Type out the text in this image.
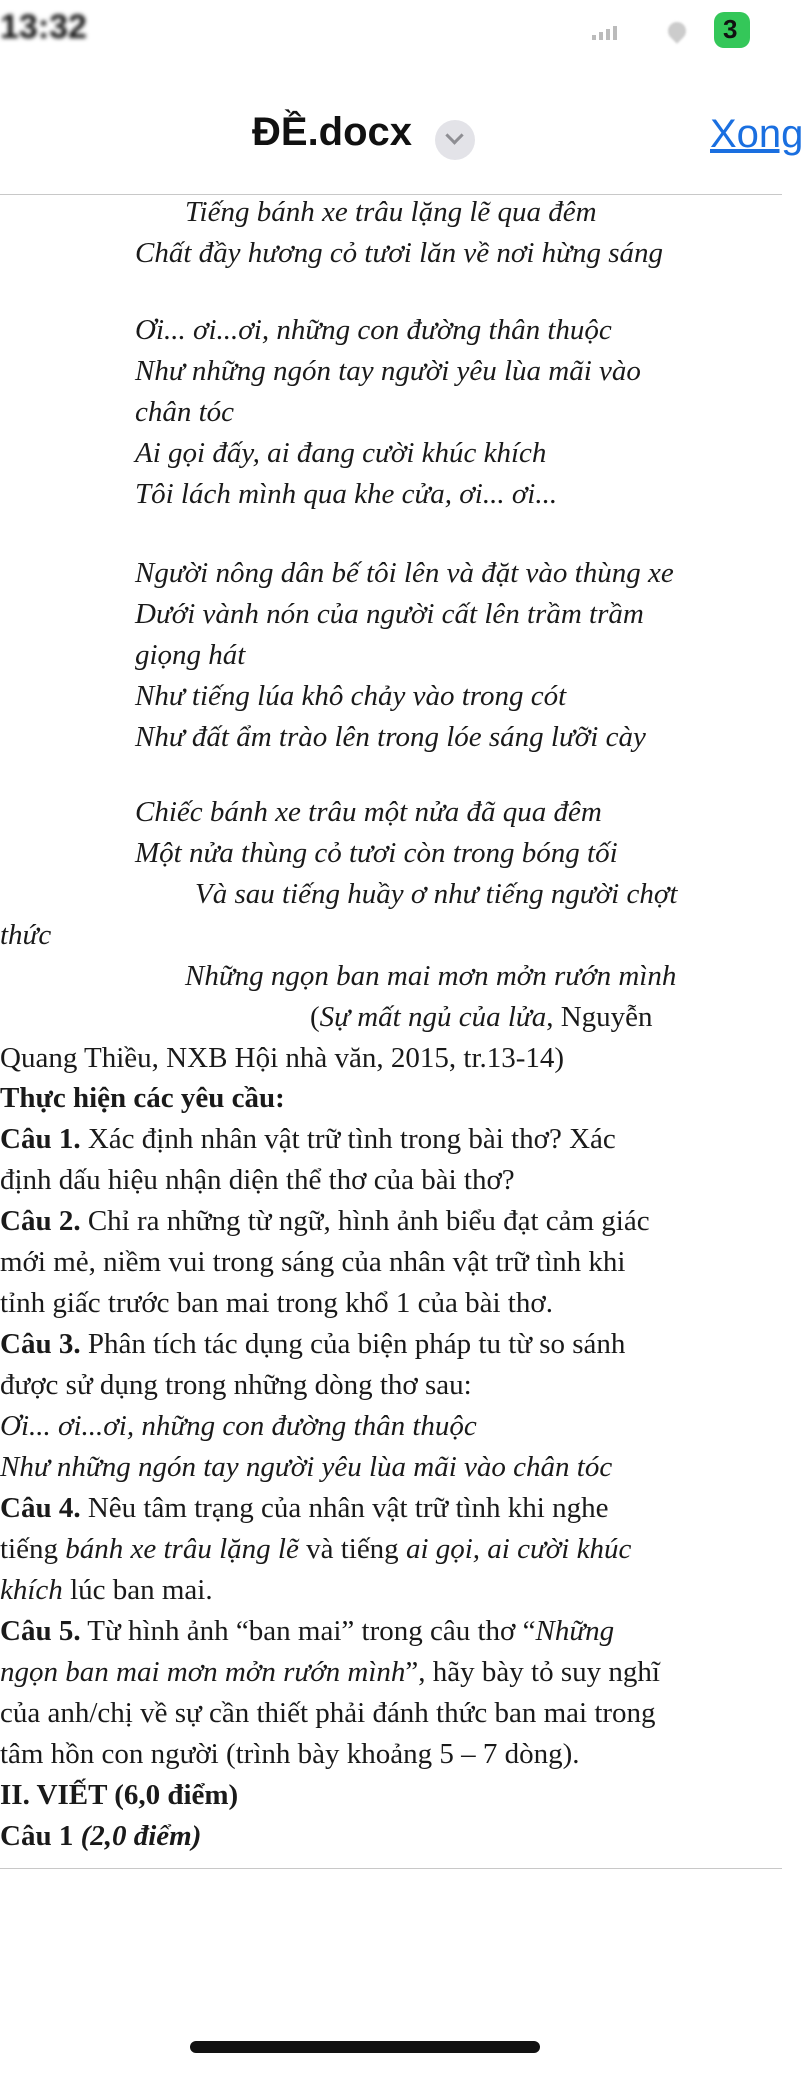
13:32	3
ĐỀ.docx	Xong
Tiếng bánh xe trâu lặng lẽ qua đêm
Chất đầy hương cỏ tươi lăn về nơi hừng sáng
Ơi... ơi...ơi, những con đường thân thuộc
Như những ngón tay người yêu lùa mãi vào
chân tóc
Ai gọi đấy, ai đang cười khúc khích
Tôi lách mình qua khe cửa, ơi... ơi...
Người nông dân bế tôi lên và đặt vào thùng xe
Dưới vành nón của người cất lên trầm trầm
giọng hát
Như tiếng lúa khô chảy vào trong cót
Như đất ẩm trào lên trong lóe sáng lưỡi cày
Chiếc bánh xe trâu một nửa đã qua đêm
Một nửa thùng cỏ tươi còn trong bóng tối
Và sau tiếng huầy ơ như tiếng người chợt
thức
Những ngọn ban mai mơn mởn rướn mình
(Sự mất ngủ của lửa, Nguyễn
Quang Thiều, NXB Hội nhà văn, 2015, tr.13-14)
Thực hiện các yêu cầu:
Câu 1. Xác định nhân vật trữ tình trong bài thơ? Xác
định dấu hiệu nhận diện thể thơ của bài thơ?
Câu 2. Chỉ ra những từ ngữ, hình ảnh biểu đạt cảm giác
mới mẻ, niềm vui trong sáng của nhân vật trữ tình khi
tỉnh giấc trước ban mai trong khổ 1 của bài thơ.
Câu 3. Phân tích tác dụng của biện pháp tu từ so sánh
được sử dụng trong những dòng thơ sau:
Ơi... ơi...ơi, những con đường thân thuộc
Như những ngón tay người yêu lùa mãi vào chân tóc
Câu 4. Nêu tâm trạng của nhân vật trữ tình khi nghe
tiếng bánh xe trâu lặng lẽ và tiếng ai gọi, ai cười khúc
khích lúc ban mai.
Câu 5. Từ hình ảnh “ban mai” trong câu thơ “Những
ngọn ban mai mơn mởn rướn mình”, hãy bày tỏ suy nghĩ
của anh/chị về sự cần thiết phải đánh thức ban mai trong
tâm hồn con người (trình bày khoảng 5 – 7 dòng).
II. VIẾT (6,0 điểm)
Câu 1 (2,0 điểm)
